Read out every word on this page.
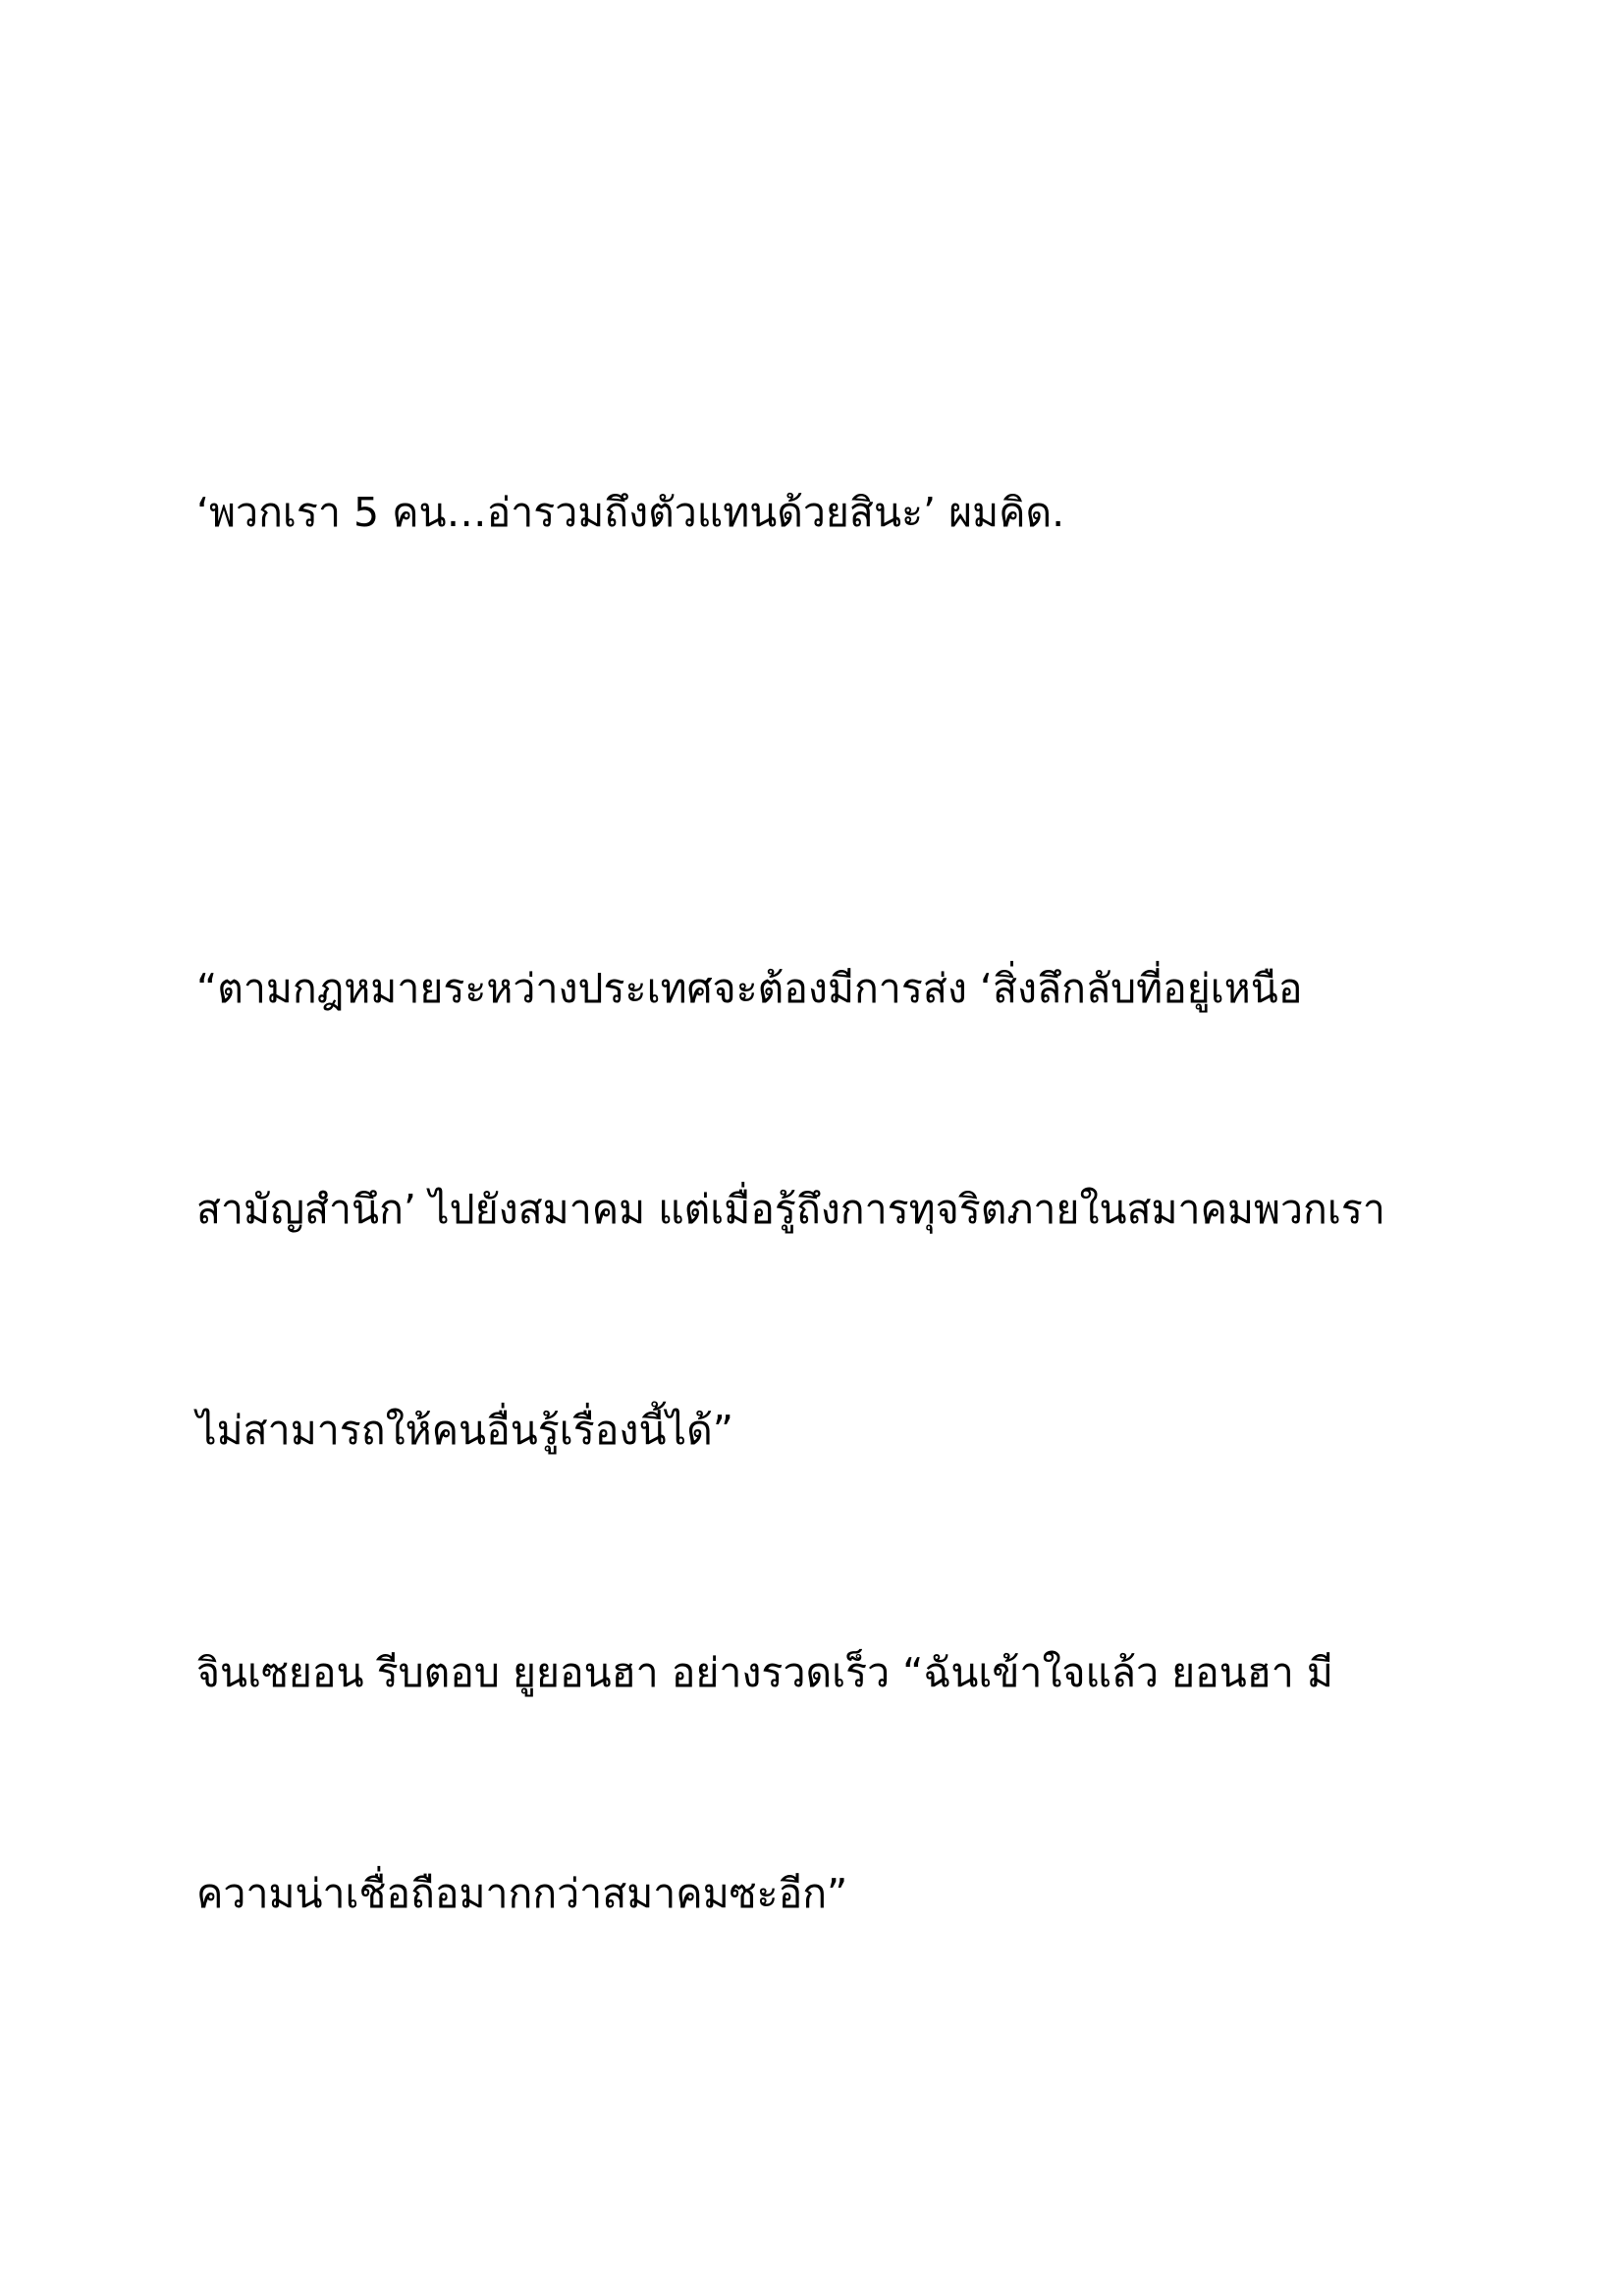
‘พวกเรา 5 คน…อ่ารวมถึงตัวแทนด้วยสินะ’ ผมคิด.

“ตามกฎหมายระหว่างประเทศจะต้องมีการส่ง ‘สิ่งลึกลับที่อยู่เหนือ

สามัญสำนึก’ ไปยังสมาคม แต่เมื่อรู้ถึงการทุจริตภายในสมาคมพวกเรา

ไม่สามารถให้คนอื่นรู้เรื่องนี้ได้”

จินเซยอน รีบตอบ ยูยอนฮา อย่างรวดเร็ว “ฉันเข้าใจแล้ว ยอนฮา มี

ความน่าเชื่อถือมากกว่าสมาคมซะอีก”
